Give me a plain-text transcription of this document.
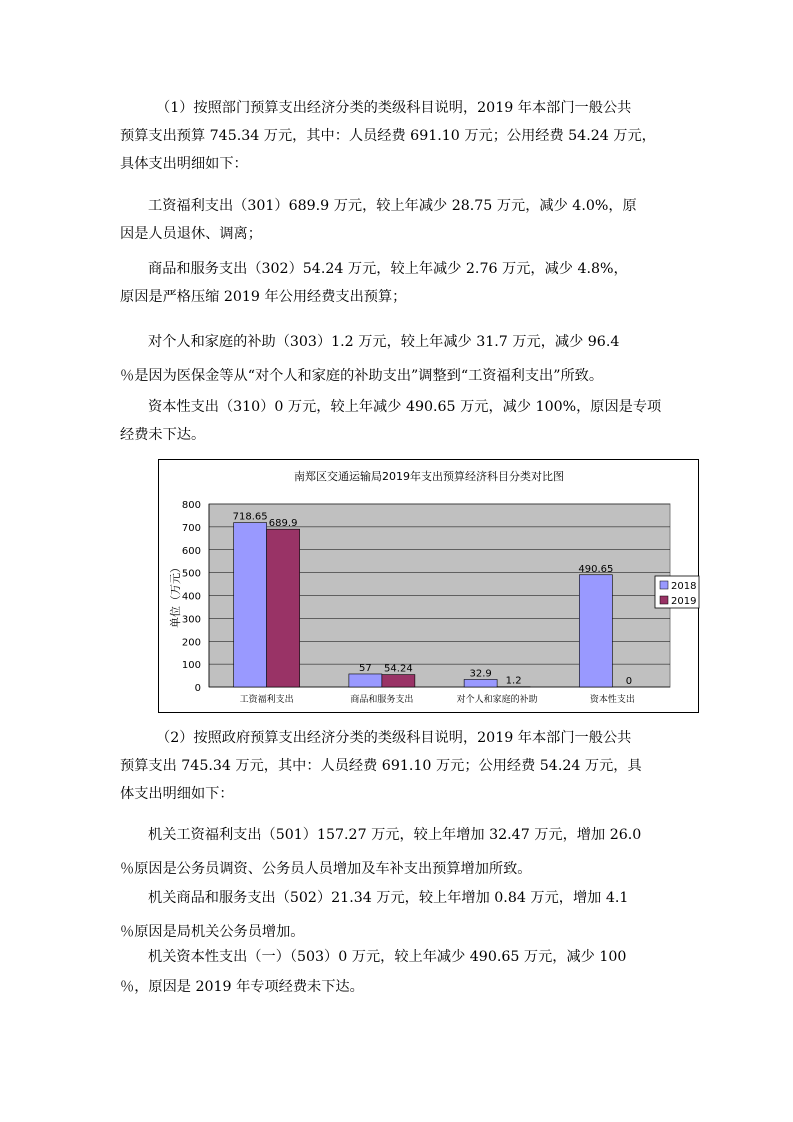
（1）按照部门预算支出经济分类的类级科目说明，2019 年本部门一般公共
预算支出预算 745.34 万元，其中：人员经费 691.10 万元；公用经费 54.24 万元，
具体支出明细如下：

工资福利支出（301）689.9 万元，较上年减少 28.75 万元，减少 4.0%，原
因是人员退休、调离；

商品和服务支出（302）54.24 万元，较上年减少 2.76 万元，减少 4.8%，
原因是严格压缩 2019 年公用经费支出预算；

对个人和家庭的补助（303）1.2 万元，较上年减少 31.7 万元，减少 96.4
％是因为医保金等从“对个人和家庭的补助支出”调整到“工资福利支出”所致。

资本性支出（310）0 万元，较上年减少 490.65 万元，减少 100%，原因是专项
经费未下达。

南郑区交通运输局2019年支出预算经济科目分类对比图
0
100
200
300
400
500
600
700
800
718.65
689.9
57 54.24	32.9
1.2
490.65
0
工资福利支出	商品和服务支出	对个人和家庭的补助	资本性支出
单位（万元）	2018
2019

（2）按照政府预算支出经济分类的类级科目说明，2019 年本部门一般公共
预算支出 745.34 万元，其中：人员经费 691.10 万元；公用经费 54.24 万元，具
体支出明细如下：

机关工资福利支出（501）157.27 万元，较上年增加 32.47 万元，增加 26.0
％原因是公务员调资、公务员人员增加及车补支出预算增加所致。

机关商品和服务支出（502）21.34 万元，较上年增加 0.84 万元，增加 4.1
％原因是局机关公务员增加。

机关资本性支出（一）（503）0 万元，较上年减少 490.65 万元，减少 100
％，原因是 2019 年专项经费未下达。
